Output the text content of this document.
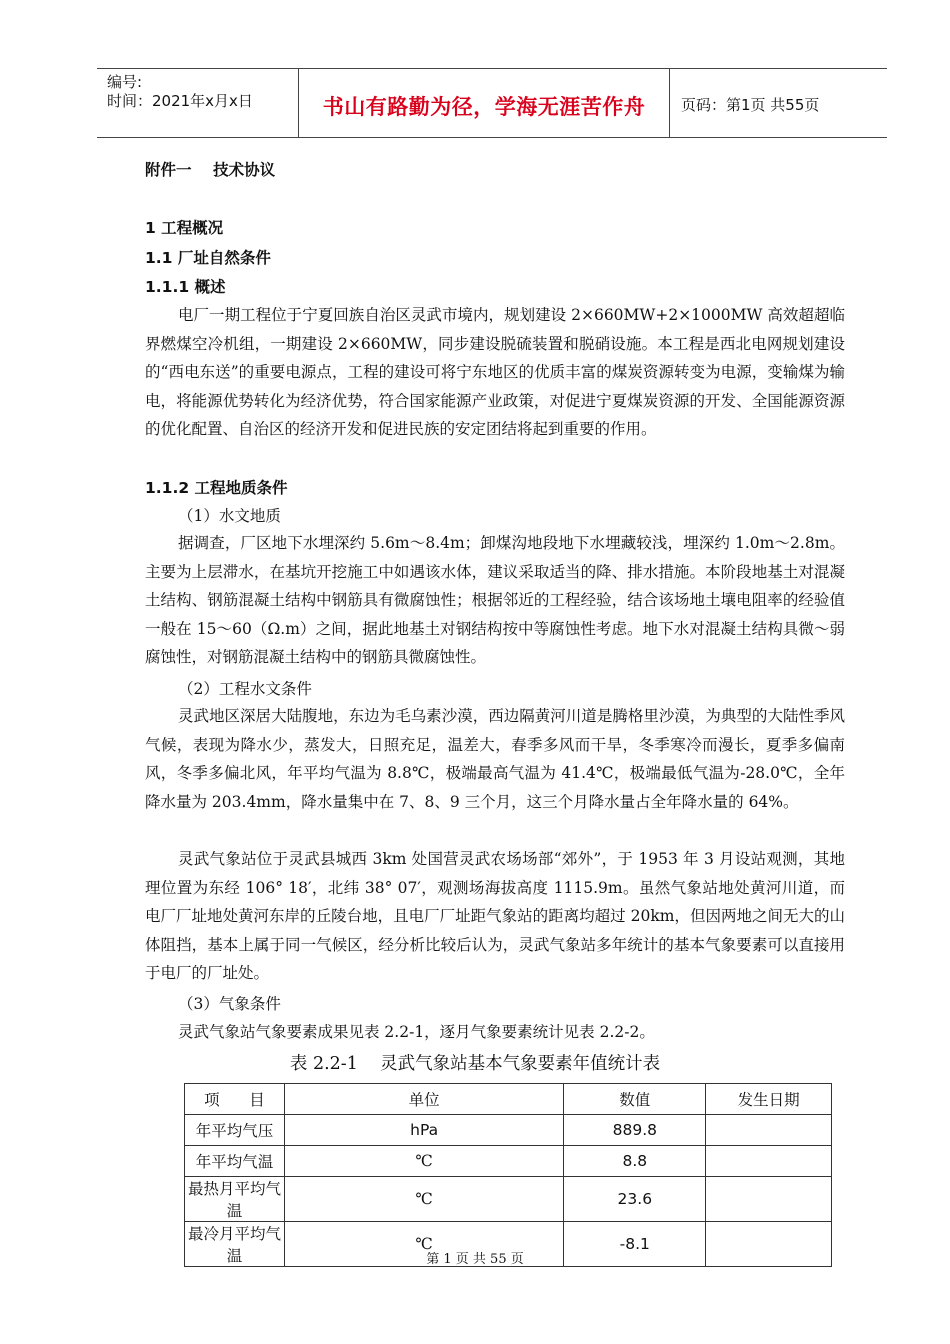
编号:
时间：2021年x月x日	书山有路勤为径，学海无涯苦作舟	页码：第1页 共55页
附件一    技术协议
1 工程概况
1.1 厂址自然条件
1.1.1 概述
电厂一期工程位于宁夏回族自治区灵武市境内，规划建设 2×660MW+2×1000MW 高效超超临界燃煤空冷机组，一期建设 2×660MW，同步建设脱硫装置和脱硝设施。本工程是西北电网规划建设的“西电东送”的重要电源点，工程的建设可将宁东地区的优质丰富的煤炭资源转变为电源，变输煤为输电，将能源优势转化为经济优势，符合国家能源产业政策，对促进宁夏煤炭资源的开发、全国能源资源的优化配置、自治区的经济开发和促进民族的安定团结将起到重要的作用。
1.1.2 工程地质条件
（1）水文地质
据调查，厂区地下水埋深约 5.6m～8.4m；卸煤沟地段地下水埋藏较浅，埋深约 1.0m～2.8m。主要为上层滞水，在基坑开挖施工中如遇该水体，建议采取适当的降、排水措施。本阶段地基土对混凝土结构、钢筋混凝土结构中钢筋具有微腐蚀性；根据邻近的工程经验，结合该场地土壤电阻率的经验值一般在 15～60（Ω.m）之间，据此地基土对钢结构按中等腐蚀性考虑。地下水对混凝土结构具微～弱腐蚀性，对钢筋混凝土结构中的钢筋具微腐蚀性。
（2）工程水文条件
灵武地区深居大陆腹地，东边为毛乌素沙漠，西边隔黄河川道是腾格里沙漠，为典型的大陆性季风气候，表现为降水少，蒸发大，日照充足，温差大，春季多风而干旱，冬季寒冷而漫长，夏季多偏南风，冬季多偏北风，年平均气温为 8.8℃，极端最高气温为 41.4℃，极端最低气温为-28.0℃，全年降水量为 203.4mm，降水量集中在 7、8、9 三个月，这三个月降水量占全年降水量的 64%。
灵武气象站位于灵武县城西 3km 处国营灵武农场场部“郊外”，于 1953 年 3 月设站观测，其地理位置为东经 106° 18′，北纬 38° 07′，观测场海拔高度 1115.9m。虽然气象站地处黄河川道，而电厂厂址地处黄河东岸的丘陵台地，且电厂厂址距气象站的距离均超过 20km，但因两地之间无大的山体阻挡，基本上属于同一气候区，经分析比较后认为，灵武气象站多年统计的基本气象要素可以直接用于电厂的厂址处。
（3）气象条件
灵武气象站气象要素成果见表 2.2-1，逐月气象要素统计见表 2.2-2。
表 2.2-1    灵武气象站基本气象要素年值统计表
项      目	单位	数值	发生日期
年平均气压	hPa	889.8	
年平均气温	℃	8.8	
最热月平均气温	℃	23.6	
最冷月平均气温	℃	-8.1	
第 1 页 共 55 页
